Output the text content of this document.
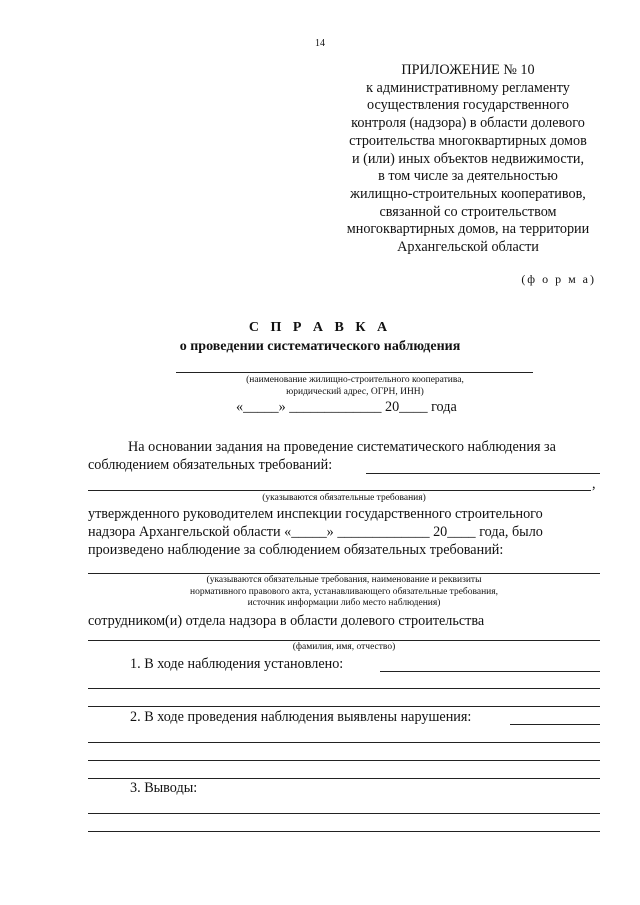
14
ПРИЛОЖЕНИЕ № 10
к административному регламенту
осуществления государственного
контроля (надзора) в области долевого
строительства многоквартирных домов
и (или) иных объектов недвижимости,
в том числе за деятельностью
жилищно-строительных кооперативов,
связанной со строительством
многоквартирных домов, на территории
Архангельской области
(ф о р м а)
С П Р А В К А
о проведении систематического наблюдения
(наименование жилищно-строительного кооператива,
юридический адрес, ОГРН, ИНН)
«_____» _____________ 20____ года
На основании задания на проведение систематического наблюдения за
соблюдением обязательных требований:
,
(указываются обязательные требования)
утвержденного руководителем инспекции государственного строительного
надзора Архангельской области «_____» _____________ 20____ года, было
произведено наблюдение за соблюдением обязательных требований:
(указываются обязательные требования, наименование и реквизиты
нормативного правового акта, устанавливающего обязательные требования,
источник информации либо место наблюдения)
сотрудником(и) отдела надзора в области долевого строительства
(фамилия, имя, отчество)
1. В ходе наблюдения установлено:
2. В ходе проведения наблюдения выявлены нарушения:
3. Выводы:
